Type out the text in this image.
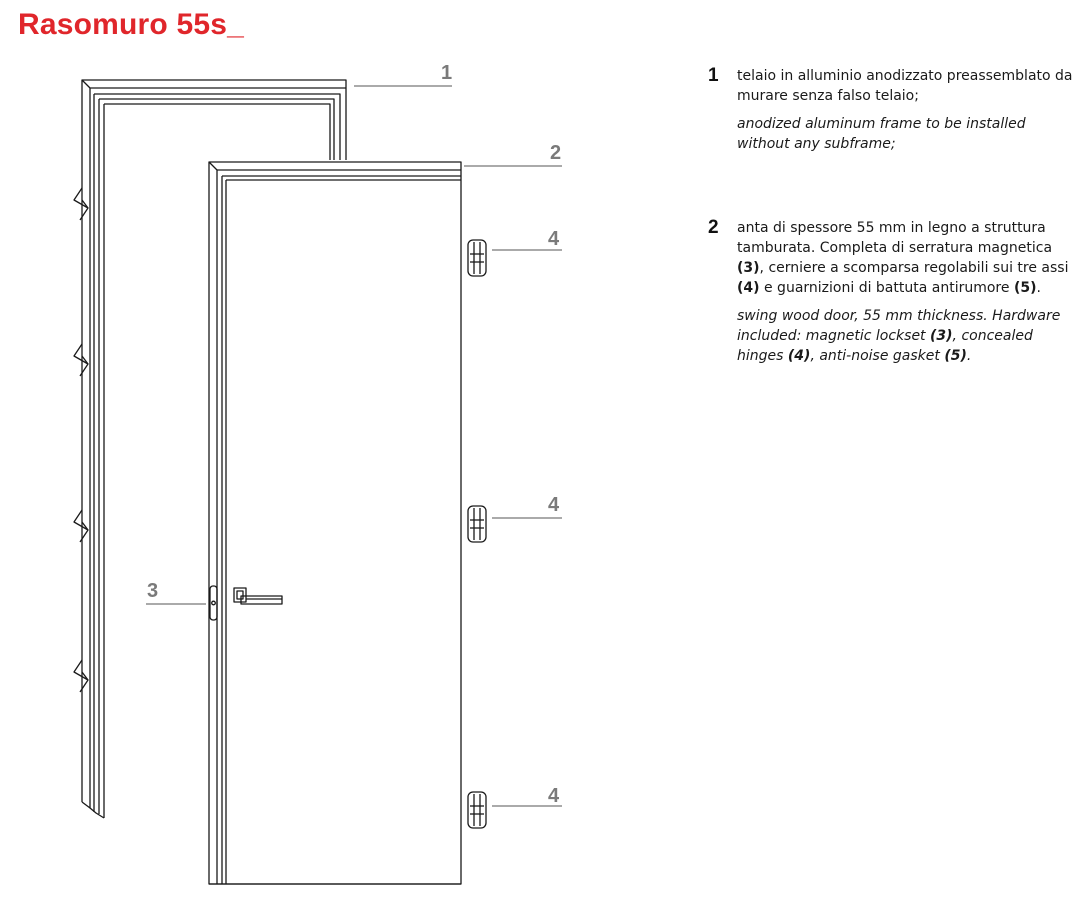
Rasomuro 55s_
1
2
3
4
4
4
1 telaio in alluminio anodizzato preassemblato da murare senza falso telaio;

anodized aluminum frame to be installed without any subframe;

2 anta di spessore 55 mm in legno a struttura tamburata. Completa di serratura magnetica (3), cerniere a scomparsa regolabili sui tre assi (4) e guarnizioni di battuta antirumore (5).

swing wood door, 55 mm thickness. Hardware included: magnetic lockset (3), concealed hinges (4), anti-noise gasket (5).
